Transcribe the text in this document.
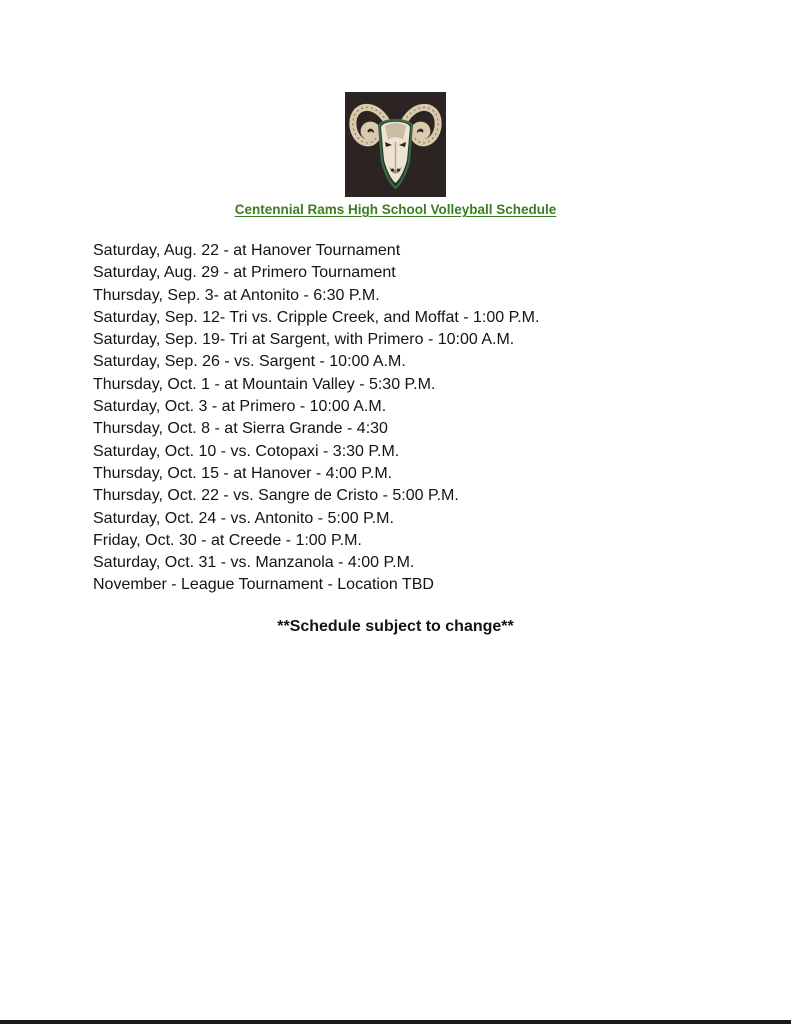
Centennial Rams High School Volleyball Schedule
Saturday, Aug. 22 - at Hanover Tournament
Saturday, Aug. 29 - at Primero Tournament
Thursday, Sep. 3- at Antonito - 6:30 P.M.
Saturday, Sep. 12- Tri vs. Cripple Creek, and Moffat - 1:00 P.M.
Saturday, Sep. 19- Tri at Sargent, with Primero - 10:00 A.M.
Saturday, Sep. 26 - vs. Sargent - 10:00 A.M.
Thursday, Oct. 1 - at Mountain Valley - 5:30 P.M.
Saturday, Oct. 3 - at Primero - 10:00 A.M.
Thursday, Oct. 8 - at Sierra Grande - 4:30
Saturday, Oct. 10 - vs. Cotopaxi - 3:30 P.M.
Thursday, Oct. 15 - at Hanover - 4:00 P.M.
Thursday, Oct. 22 - vs. Sangre de Cristo - 5:00 P.M.
Saturday, Oct. 24 - vs. Antonito - 5:00 P.M.
Friday, Oct. 30 - at Creede - 1:00 P.M.
Saturday, Oct. 31 - vs. Manzanola - 4:00 P.M.
November - League Tournament - Location TBD
**Schedule subject to change**
